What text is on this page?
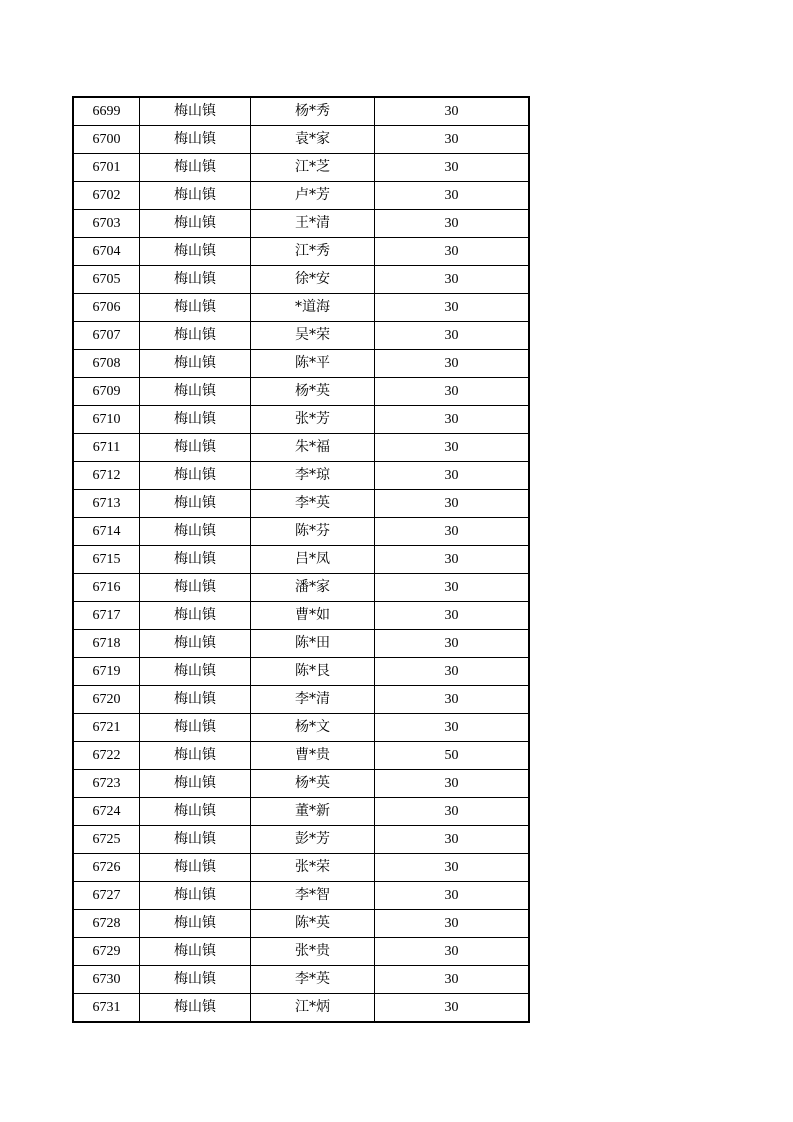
6699	梅山镇	杨*秀	30
6700	梅山镇	袁*家	30
6701	梅山镇	江*芝	30
6702	梅山镇	卢*芳	30
6703	梅山镇	王*清	30
6704	梅山镇	江*秀	30
6705	梅山镇	徐*安	30
6706	梅山镇	*道海	30
6707	梅山镇	吴*荣	30
6708	梅山镇	陈*平	30
6709	梅山镇	杨*英	30
6710	梅山镇	张*芳	30
6711	梅山镇	朱*福	30
6712	梅山镇	李*琼	30
6713	梅山镇	李*英	30
6714	梅山镇	陈*芬	30
6715	梅山镇	吕*凤	30
6716	梅山镇	潘*家	30
6717	梅山镇	曹*如	30
6718	梅山镇	陈*田	30
6719	梅山镇	陈*艮	30
6720	梅山镇	李*清	30
6721	梅山镇	杨*文	30
6722	梅山镇	曹*贵	50
6723	梅山镇	杨*英	30
6724	梅山镇	董*新	30
6725	梅山镇	彭*芳	30
6726	梅山镇	张*荣	30
6727	梅山镇	李*智	30
6728	梅山镇	陈*英	30
6729	梅山镇	张*贵	30
6730	梅山镇	李*英	30
6731	梅山镇	江*炳	30
